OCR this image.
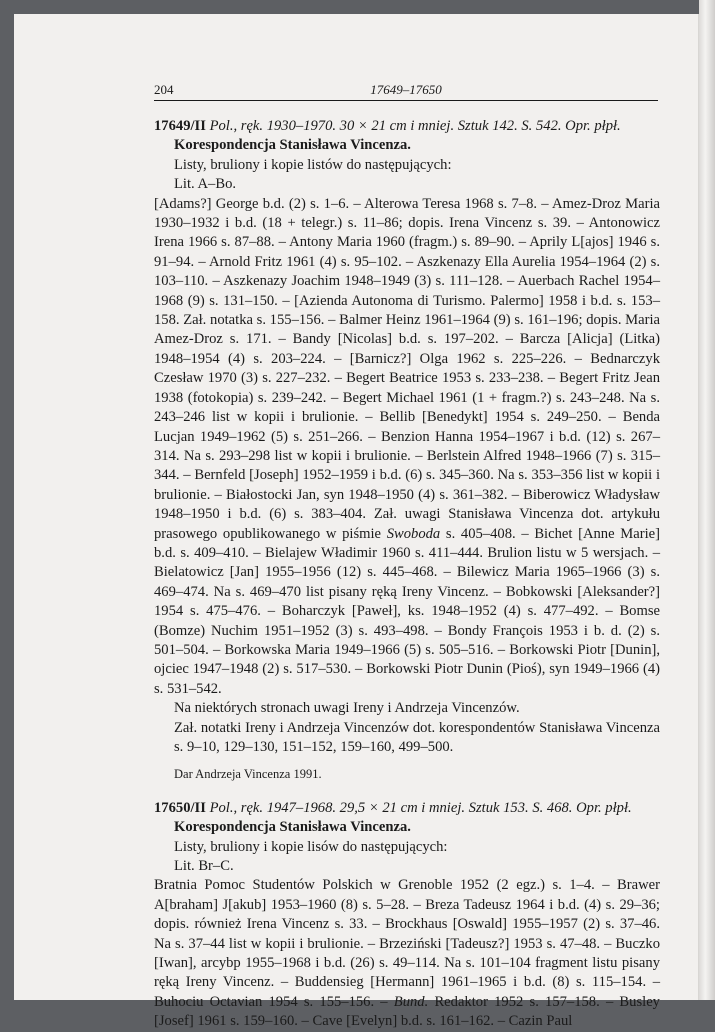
204	17649–17650

17649/II Pol., ręk. 1930–1970. 30 × 21 cm i mniej. Sztuk 142. S. 542. Opr. płpł.

Korespondencja Stanisława Vincenza.

Listy, bruliony i kopie listów do następujących:

Lit. A–Bo.

[Adams?] George b.d. (2) s. 1–6. – Alterowa Teresa 1968 s. 7–8. – Amez-Droz Maria 1930–1932 i b.d. (18 + telegr.) s. 11–86; dopis. Irena Vincenz s. 39. – Antonowicz Irena 1966 s. 87–88. – Antony Maria 1960 (fragm.) s. 89–90. – Aprily L[ajos] 1946 s. 91–94. – Arnold Fritz 1961 (4) s. 95–102. – Aszkenazy Ella Aurelia 1954–1964 (2) s. 103–110. – Aszkenazy Joachim 1948–1949 (3) s. 111–128. – Auerbach Rachel 1954–1968 (9) s. 131–150. – [Azienda Autonoma di Turismo. Palermo] 1958 i b.d. s. 153–158. Zał. notatka s. 155–156. – Balmer Heinz 1961–1964 (9) s. 161–196; dopis. Maria Amez-Droz s. 171. – Bandy [Nicolas] b.d. s. 197–202. – Barcza [Alicja] (Litka) 1948–1954 (4) s. 203–224. – [Barnicz?] Olga 1962 s. 225–226. – Bednarczyk Czesław 1970 (3) s. 227–232. – Begert Beatrice 1953 s. 233–238. – Begert Fritz Jean 1938 (fotokopia) s. 239–242. – Begert Michael 1961 (1 + fragm.?) s. 243–248. Na s. 243–246 list w kopii i brulionie. – Bellib [Benedykt] 1954 s. 249–250. – Benda Lucjan 1949–1962 (5) s. 251–266. – Benzion Hanna 1954–1967 i b.d. (12) s. 267–314. Na s. 293–298 list w kopii i brulionie. – Berlstein Alfred 1948–1966 (7) s. 315–344. – Bernfeld [Joseph] 1952–1959 i b.d. (6) s. 345–360. Na s. 353–356 list w kopii i brulionie. – Białostocki Jan, syn 1948–1950 (4) s. 361–382. – Biberowicz Władysław 1948–1950 i b.d. (6) s. 383–404. Zał. uwagi Stanisława Vincenza dot. artykułu prasowego opublikowanego w piśmie Swoboda s. 405–408. – Bichet [Anne Marie] b.d. s. 409–410. – Bielajew Władimir 1960 s. 411–444. Brulion listu w 5 wersjach. – Bielatowicz [Jan] 1955–1956 (12) s. 445–468. – Bilewicz Maria 1965–1966 (3) s. 469–474. Na s. 469–470 list pisany ręką Ireny Vincenz. – Bobkowski [Aleksander?] 1954 s. 475–476. – Boharczyk [Paweł], ks. 1948–1952 (4) s. 477–492. – Bomse (Bomze) Nuchim 1951–1952 (3) s. 493–498. – Bondy François 1953 i b. d. (2) s. 501–504. – Borkowska Maria 1949–1966 (5) s. 505–516. – Borkowski Piotr [Dunin], ojciec 1947–1948 (2) s. 517–530. – Borkowski Piotr Dunin (Pioś), syn 1949–1966 (4) s. 531–542.

Na niektórych stronach uwagi Ireny i Andrzeja Vincenzów.

Zał. notatki Ireny i Andrzeja Vincenzów dot. korespondentów Stanisława Vincenza s. 9–10, 129–130, 151–152, 159–160, 499–500.

Dar Andrzeja Vincenza 1991.

17650/II Pol., ręk. 1947–1968. 29,5 × 21 cm i mniej. Sztuk 153. S. 468. Opr. płpł.

Korespondencja Stanisława Vincenza.

Listy, bruliony i kopie lisów do następujących:

Lit. Br–C.

Bratnia Pomoc Studentów Polskich w Grenoble 1952 (2 egz.) s. 1–4. – Brawer A[braham] J[akub] 1953–1960 (8) s. 5–28. – Breza Tadeusz 1964 i b.d. (4) s. 29–36; dopis. również Irena Vincenz s. 33. – Brockhaus [Oswald] 1955–1957 (2) s. 37–46. Na s. 37–44 list w kopii i brulionie. – Brzeziński [Tadeusz?] 1953 s. 47–48. – Buczko [Iwan], arcybp 1955–1968 i b.d. (26) s. 49–114. Na s. 101–104 fragment listu pisany ręką Ireny Vincenz. – Buddensieg [Hermann] 1961–1965 i b.d. (8) s. 115–154. – Buhociu Octavian 1954 s. 155–156. – Bund. Redaktor 1952 s. 157–158. – Busley [Josef] 1961 s. 159–160. – Cave [Evelyn] b.d. s. 161–162. – Cazin Paul
